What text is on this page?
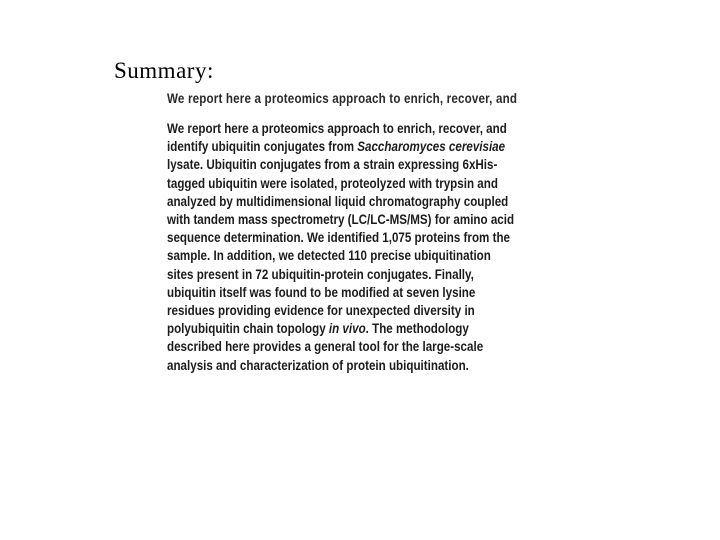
Summary:
We report here a proteomics approach to enrich, recover, and
We report here a proteomics approach to enrich, recover, and
identify ubiquitin conjugates from Saccharomyces cerevisiae
lysate. Ubiquitin conjugates from a strain expressing 6xHis-
tagged ubiquitin were isolated, proteolyzed with trypsin and
analyzed by multidimensional liquid chromatography coupled
with tandem mass spectrometry (LC/LC-MS/MS) for amino acid
sequence determination. We identified 1,075 proteins from the
sample. In addition, we detected 110 precise ubiquitination
sites present in 72 ubiquitin-protein conjugates. Finally,
ubiquitin itself was found to be modified at seven lysine
residues providing evidence for unexpected diversity in
polyubiquitin chain topology in vivo. The methodology
described here provides a general tool for the large-scale
analysis and characterization of protein ubiquitination.
